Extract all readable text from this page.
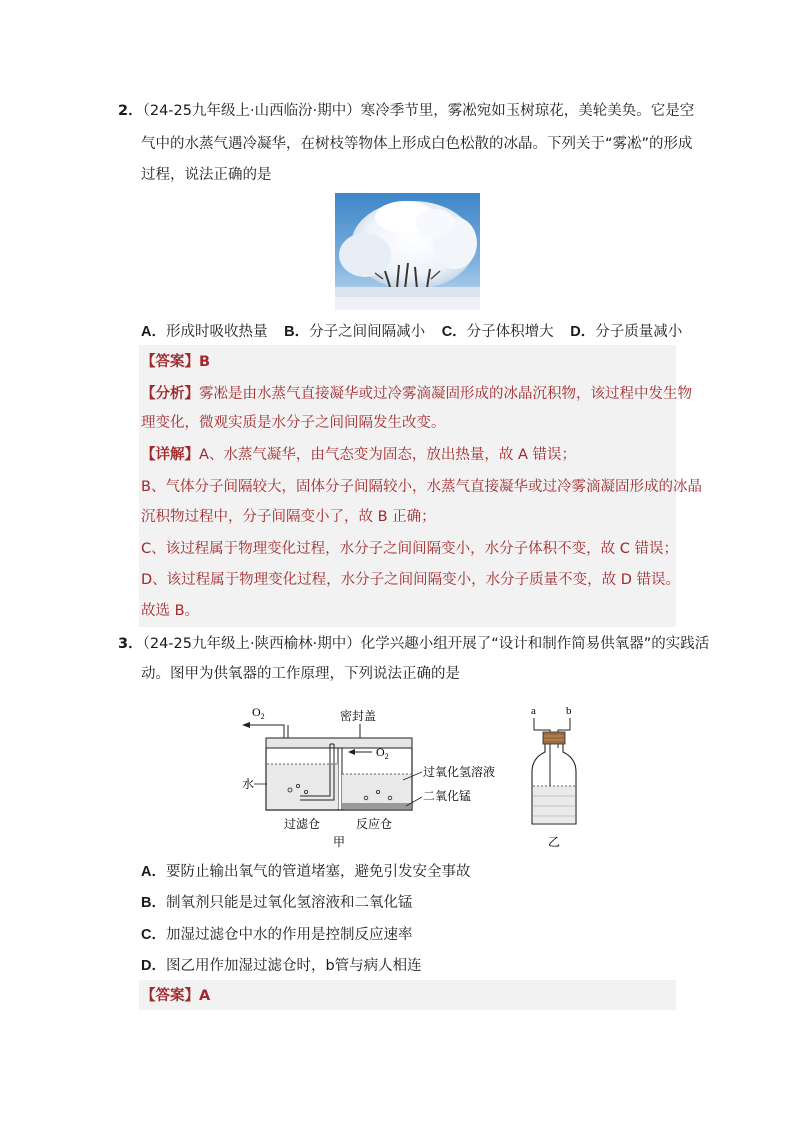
2．（24-25九年级上·山西临汾·期中）寒冷季节里，雾凇宛如玉树琼花，美轮美奂。它是空
气中的水蒸气遇冷凝华，在树枝等物体上形成白色松散的冰晶。下列关于“雾凇”的形成
过程，说法正确的是
A．形成时吸收热量 B．分子之间间隔减小 C．分子体积增大 D．分子质量减小
【答案】B
【分析】雾凇是由水蒸气直接凝华或过冷雾滴凝固形成的冰晶沉积物，该过程中发生物
理变化，微观实质是水分子之间间隔发生改变。
【详解】A、水蒸气凝华，由气态变为固态，放出热量，故 A 错误；
B、气体分子间隔较大，固体分子间隔较小，水蒸气直接凝华或过冷雾滴凝固形成的冰晶
沉积物过程中，分子间隔变小了，故 B 正确；
C、该过程属于物理变化过程，水分子之间间隔变小，水分子体积不变，故 C 错误；
D、该过程属于物理变化过程，水分子之间间隔变小，水分子质量不变，故 D 错误。
故选 B。
3．（24-25九年级上·陕西榆林·期中）化学兴趣小组开展了“设计和制作简易供氧器”的实践活
动。图甲为供氧器的工作原理，下列说法正确的是
$O_2$	密封盖
$O_2$
水
过氧化氢溶液
二氧化锰
过滤仓	反应仓
甲
a	b
乙
A．要防止输出氧气的管道堵塞，避免引发安全事故
B．制氧剂只能是过氧化氢溶液和二氧化锰
C．加湿过滤仓中水的作用是控制反应速率
D．图乙用作加湿过滤仓时，b管与病人相连
【答案】A
